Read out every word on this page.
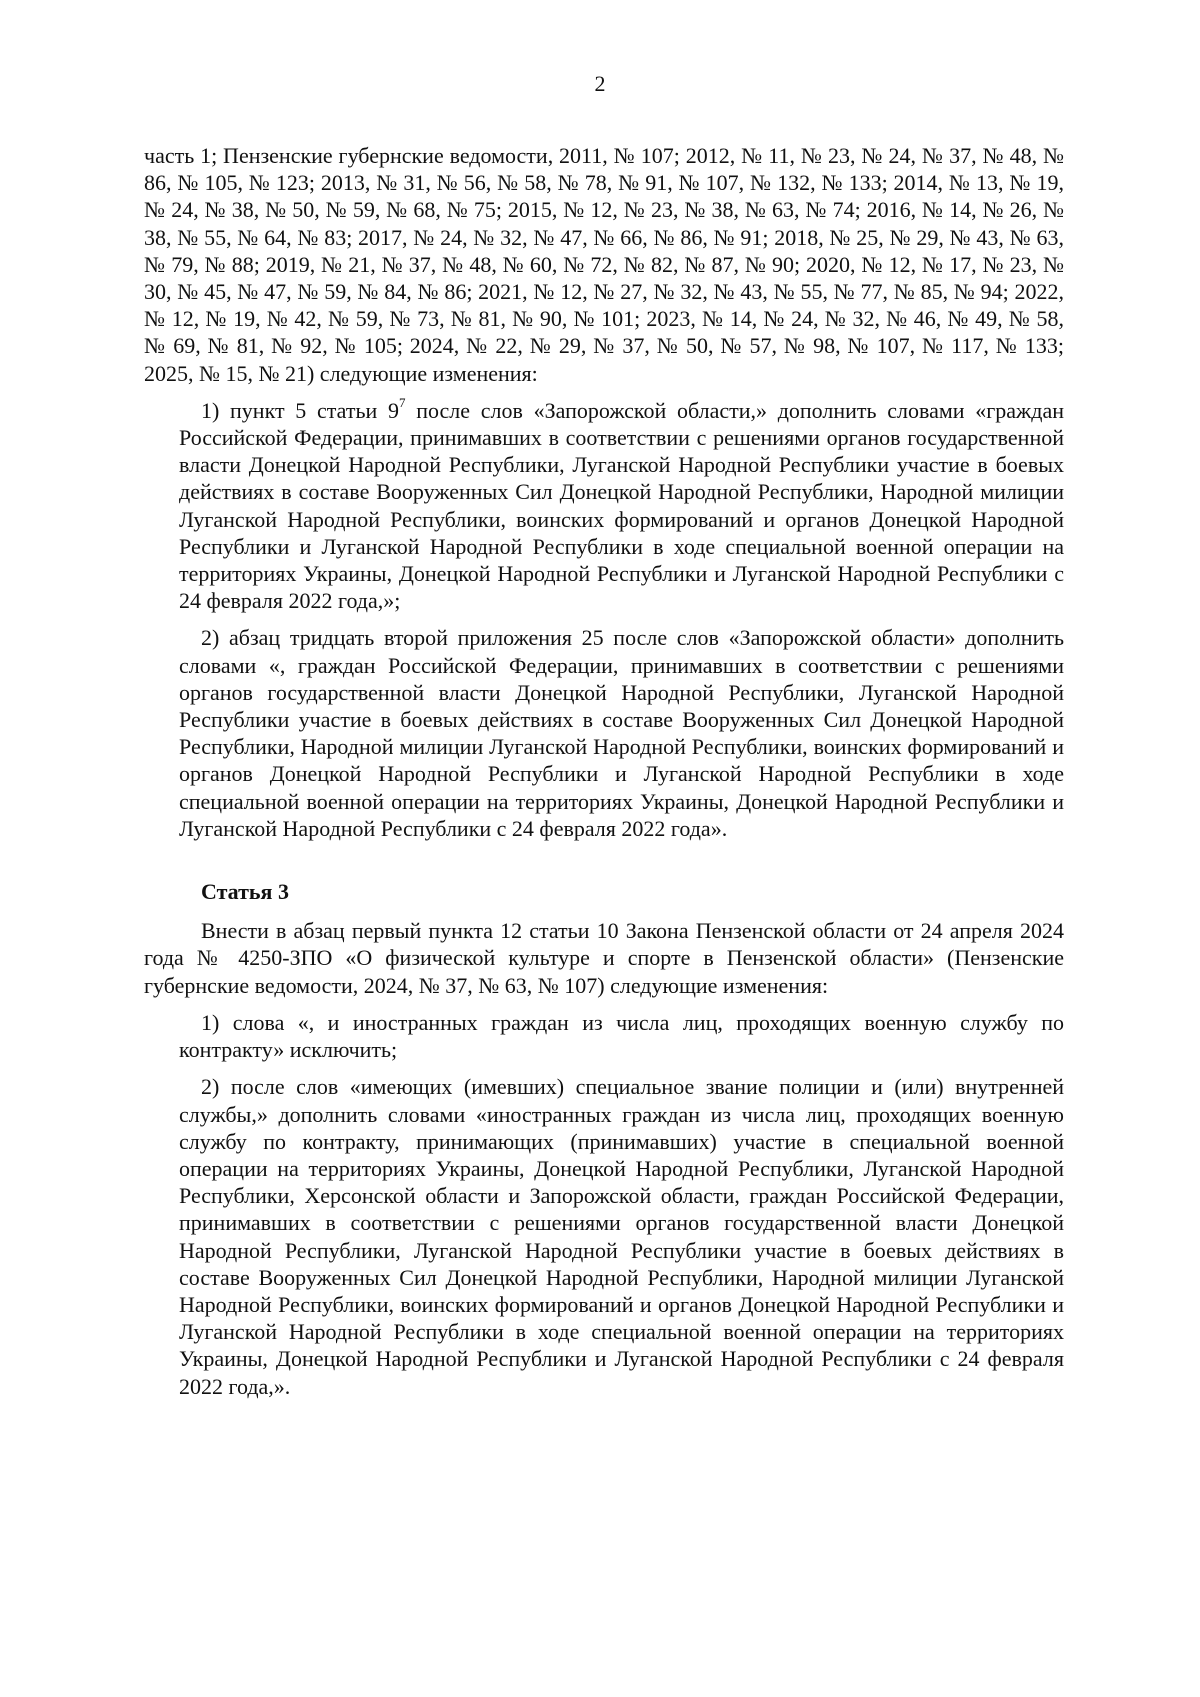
2

часть 1; Пензенские губернские ведомости, 2011, № 107; 2012, № 11, № 23, № 24, № 37, № 48, № 86, № 105, № 123; 2013, № 31, № 56, № 58, № 78, № 91, № 107, № 132, № 133; 2014, № 13, № 19, № 24, № 38, № 50, № 59, № 68, № 75; 2015, № 12, № 23, № 38, № 63, № 74; 2016, № 14, № 26, № 38, № 55, № 64, № 83; 2017, № 24, № 32, № 47, № 66, № 86, № 91; 2018, № 25, № 29, № 43, № 63, № 79, № 88; 2019, № 21, № 37, № 48, № 60, № 72, № 82, № 87, № 90; 2020, № 12, № 17, № 23, № 30, № 45, № 47, № 59, № 84, № 86; 2021, № 12, № 27, № 32, № 43, № 55, № 77, № 85, № 94; 2022, № 12, № 19, № 42, № 59, № 73, № 81, № 90, № 101; 2023, № 14, № 24, № 32, № 46, № 49, № 58, № 69, № 81, № 92, № 105; 2024, № 22, № 29, № 37, № 50, № 57, № 98, № 107, № 117, № 133; 2025, № 15, № 21) следующие изменения:

1) пункт 5 статьи $9^7$ после слов «Запорожской области,» дополнить словами «граждан Российской Федерации, принимавших в соответствии с решениями органов государственной власти Донецкой Народной Республики, Луганской Народной Республики участие в боевых действиях в составе Вооруженных Сил Донецкой Народной Республики, Народной милиции Луганской Народной Республики, воинских формирований и органов Донецкой Народной Республики и Луганской Народной Республики в ходе специальной военной операции на территориях Украины, Донецкой Народной Республики и Луганской Народной Республики с 24 февраля 2022 года,»;

2) абзац тридцать второй приложения 25 после слов «Запорожской области» дополнить словами «, граждан Российской Федерации, принимавших в соответствии с решениями органов государственной власти Донецкой Народной Республики, Луганской Народной Республики участие в боевых действиях в составе Вооруженных Сил Донецкой Народной Республики, Народной милиции Луганской Народной Республики, воинских формирований и органов Донецкой Народной Республики и Луганской Народной Республики в ходе специальной военной операции на территориях Украины, Донецкой Народной Республики и Луганской Народной Республики с 24 февраля 2022 года».

Статья 3

Внести в абзац первый пункта 12 статьи 10 Закона Пензенской области от 24 апреля 2024 года № 4250-ЗПО «О физической культуре и спорте в Пензенской области» (Пензенские губернские ведомости, 2024, № 37, № 63, № 107) следующие изменения:

1) слова «, и иностранных граждан из числа лиц, проходящих военную службу по контракту» исключить;

2) после слов «имеющих (имевших) специальное звание полиции и (или) внутренней службы,» дополнить словами «иностранных граждан из числа лиц, проходящих военную службу по контракту, принимающих (принимавших) участие в специальной военной операции на территориях Украины, Донецкой Народной Республики, Луганской Народной Республики, Херсонской области и Запорожской области, граждан Российской Федерации, принимавших в соответствии с решениями органов государственной власти Донецкой Народной Республики, Луганской Народной Республики участие в боевых действиях в составе Вооруженных Сил Донецкой Народной Республики, Народной милиции Луганской Народной Республики, воинских формирований и органов Донецкой Народной Республики и Луганской Народной Республики в ходе специальной военной операции на территориях Украины, Донецкой Народной Республики и Луганской Народной Республики с 24 февраля 2022 года,».
